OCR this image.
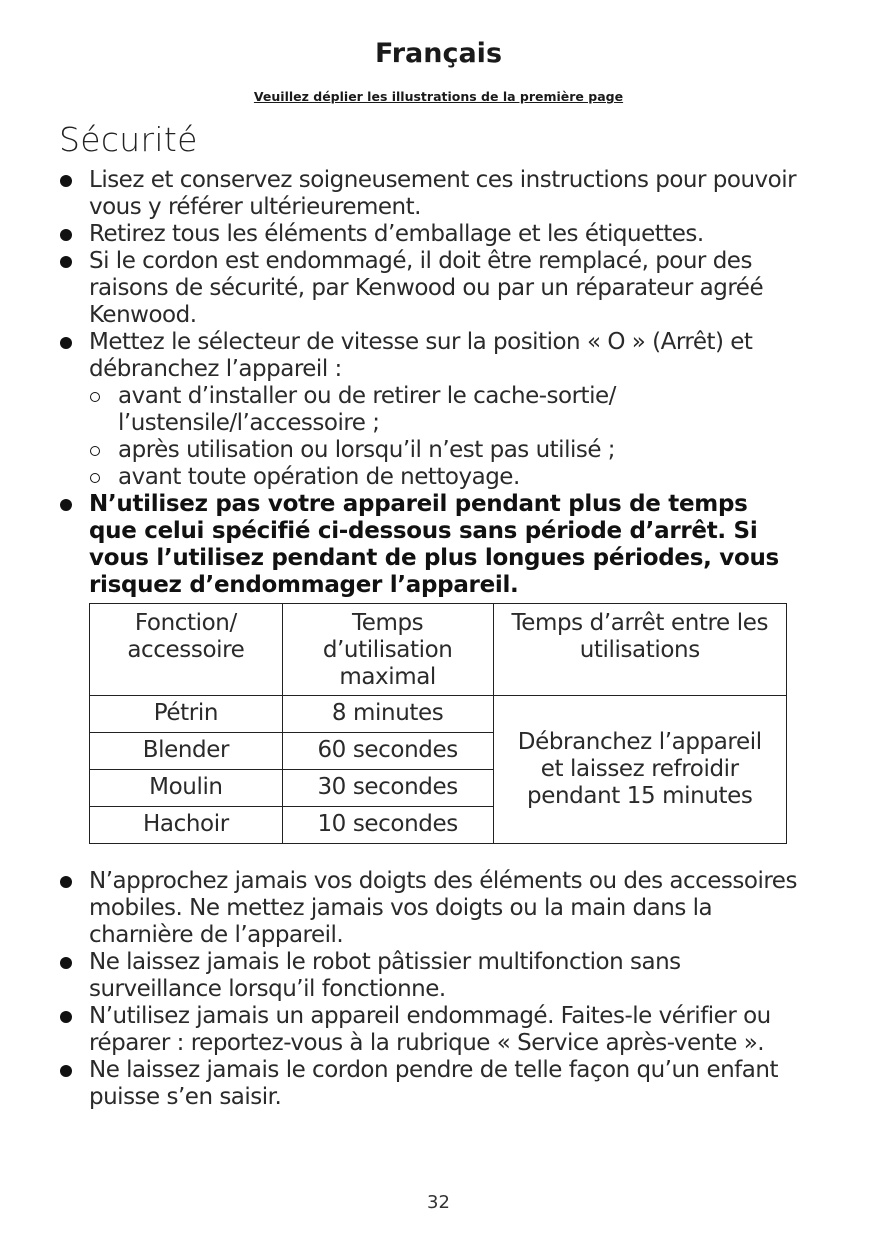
Français

Veuillez déplier les illustrations de la première page

Sécurité
Lisez et conservez soigneusement ces instructions pour pouvoir vous y référer ultérieurement.
Retirez tous les éléments d’emballage et les étiquettes.
Si le cordon est endommagé, il doit être remplacé, pour des raisons de sécurité, par Kenwood ou par un réparateur agréé Kenwood.
Mettez le sélecteur de vitesse sur la position « O » (Arrêt) et débranchez l’appareil :
avant d’installer ou de retirer le cache-sortie/ l’ustensile/l’accessoire ;
après utilisation ou lorsqu’il n’est pas utilisé ;
avant toute opération de nettoyage.
N’utilisez pas votre appareil pendant plus de temps que celui spécifié ci-dessous sans période d’arrêt. Si vous l’utilisez pendant de plus longues périodes, vous risquez d’endommager l’appareil.
Fonction/ accessoire	Temps d’utilisation maximal	Temps d’arrêt entre les utilisations
Pétrin	8 minutes	Débranchez l’appareil et laissez refroidir pendant 15 minutes
Blender	60 secondes	
Moulin	30 secondes	
Hachoir	10 secondes	
N’approchez jamais vos doigts des éléments ou des accessoires mobiles. Ne mettez jamais vos doigts ou la main dans la charnière de l’appareil.
Ne laissez jamais le robot pâtissier multifonction sans surveillance lorsqu’il fonctionne.
N’utilisez jamais un appareil endommagé. Faites-le vérifier ou réparer : reportez-vous à la rubrique « Service après-vente ».
Ne laissez jamais le cordon pendre de telle façon qu’un enfant puisse s’en saisir.

32
